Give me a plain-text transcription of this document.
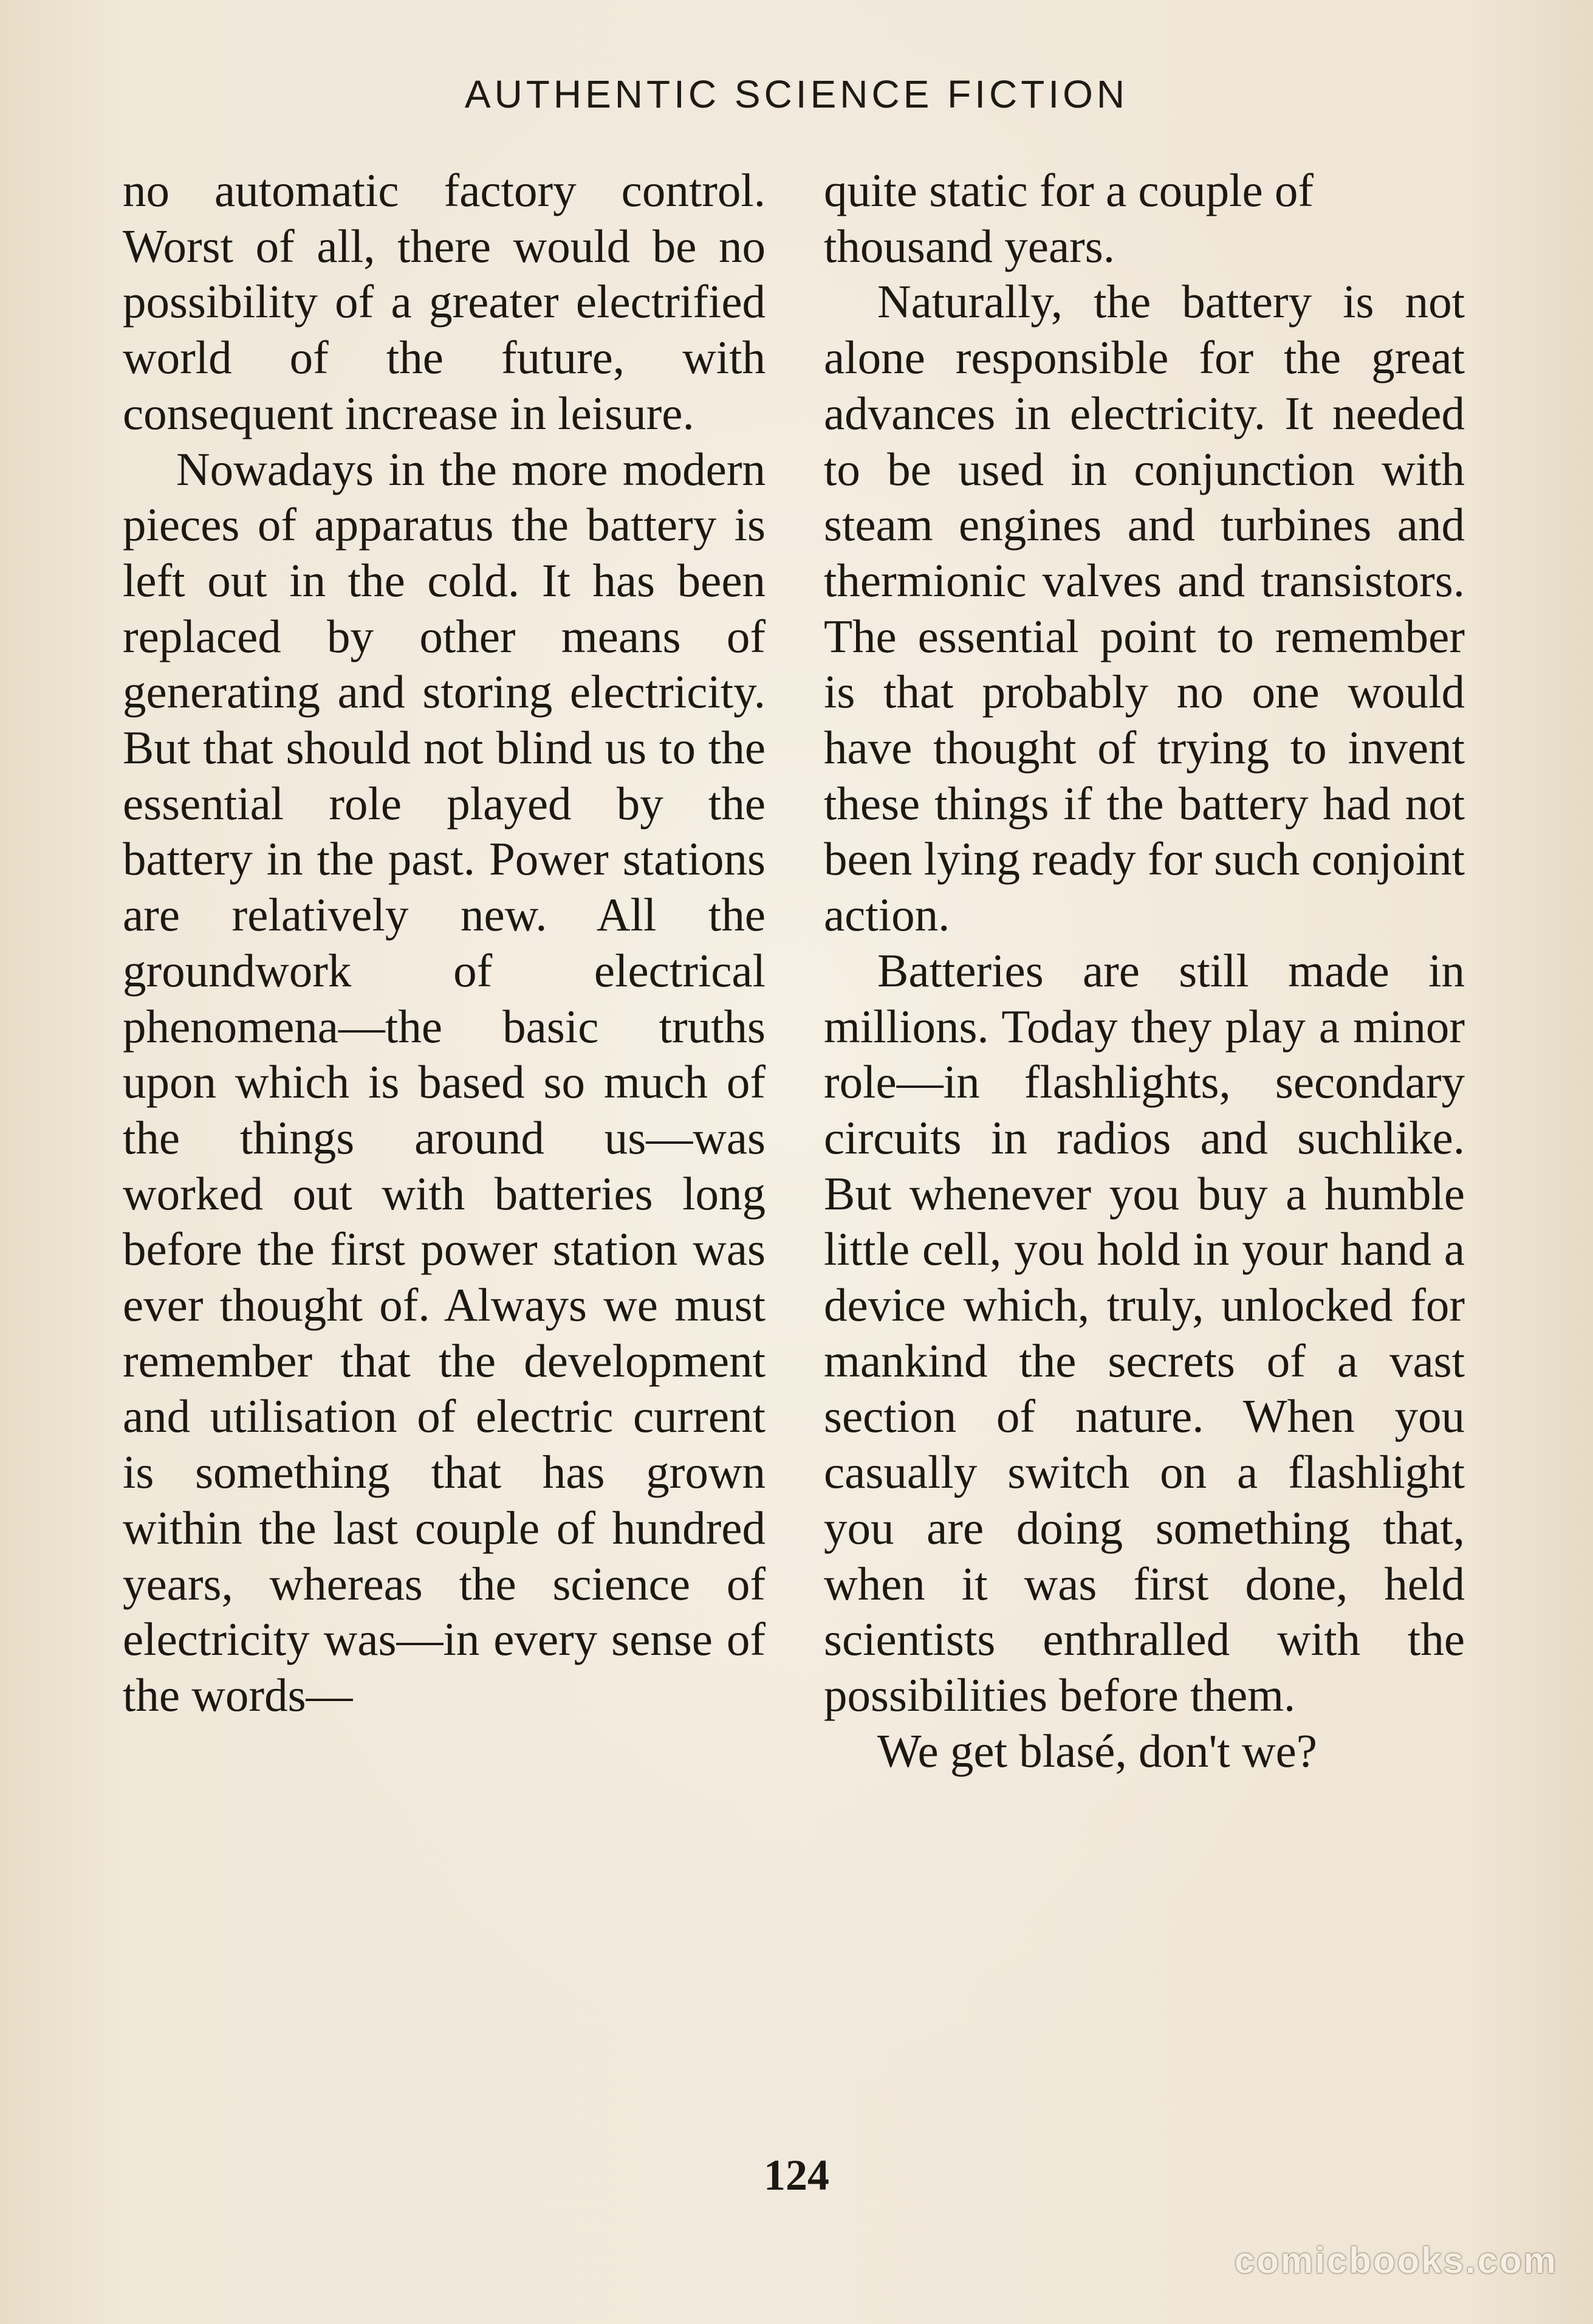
AUTHENTIC SCIENCE FICTION

no automatic factory control. Worst of all, there would be no possibility of a greater electrified world of the future, with consequent increase in leisure.

Nowadays in the more modern pieces of apparatus the battery is left out in the cold. It has been replaced by other means of generating and storing electricity. But that should not blind us to the essential role played by the battery in the past. Power stations are relatively new. All the groundwork of electrical phenomena—the basic truths upon which is based so much of the things around us—was worked out with batteries long before the first power station was ever thought of. Always we must remember that the development and utilisation of electric current is something that has grown within the last couple of hundred years, whereas the science of electricity was—in every sense of the words—

quite static for a couple of thousand years.

Naturally, the battery is not alone responsible for the great advances in electricity. It needed to be used in conjunction with steam engines and turbines and thermionic valves and transistors. The essential point to remember is that probably no one would have thought of trying to invent these things if the battery had not been lying ready for such conjoint action.

Batteries are still made in millions. Today they play a minor role—in flashlights, secondary circuits in radios and suchlike. But whenever you buy a humble little cell, you hold in your hand a device which, truly, unlocked for mankind the secrets of a vast section of nature. When you casually switch on a flashlight you are doing something that, when it was first done, held scientists enthralled with the possibilities before them.

We get blasé, don't we?

124
comicbooks.com
